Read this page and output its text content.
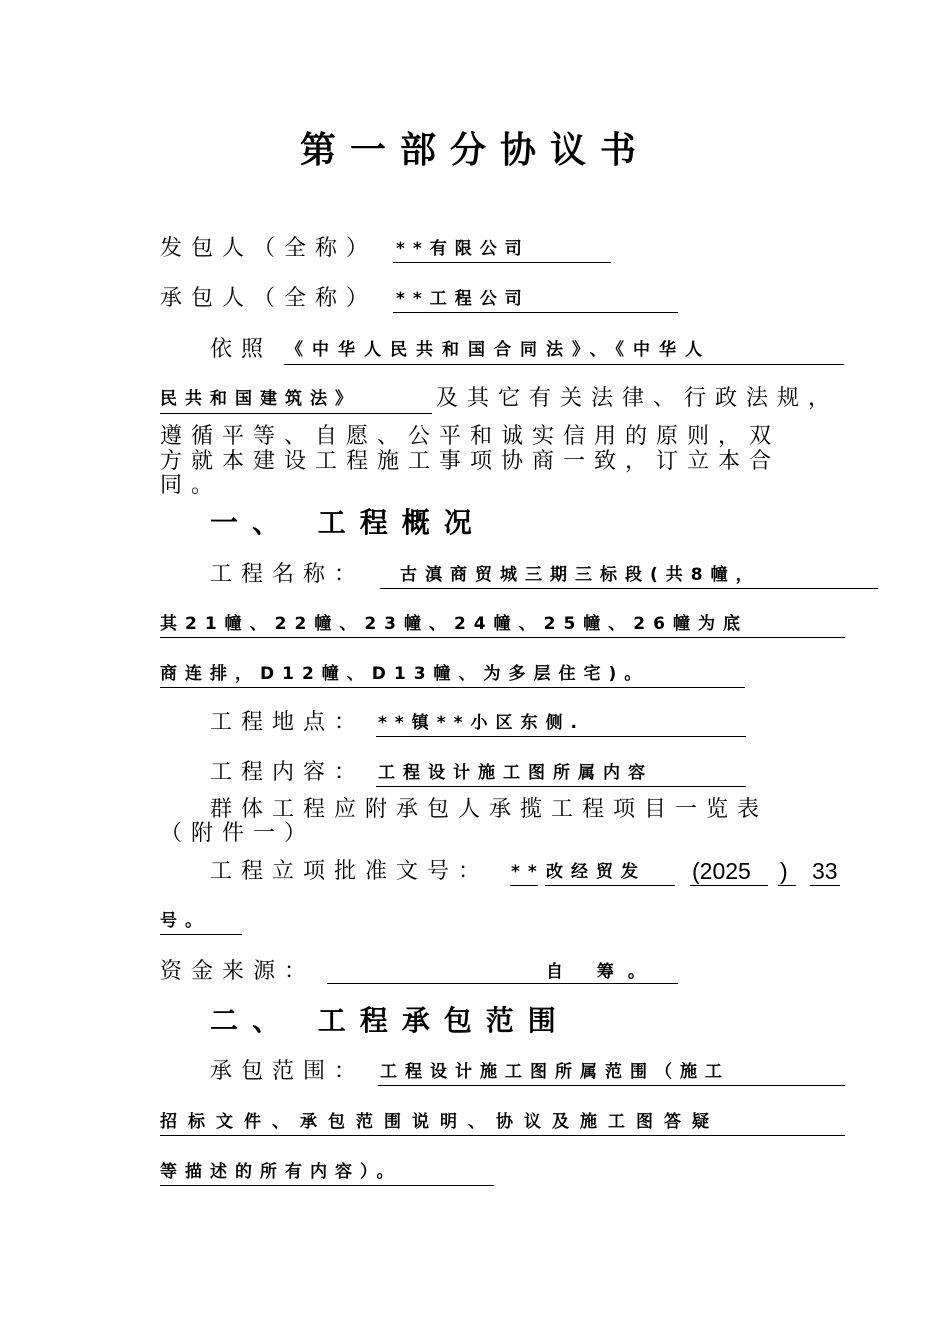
第一部分协议书
发包人（全称） **有限公司
承包人（全称） **工程公司
依照 《中华人民共和国合同法》、《中华人
民共和国建筑法》	及其它有关法律、行政法规，
遵循平等、自愿、公平和诚实信用的原则，双
方就本建设工程施工事项协商一致，订立本合
同。
一、 工程概况
工程名称： 古滇商贸城三期三标段(共8幢，
其21幢、22幢、23幢、24幢、25幢、26幢为底
商连排，D12幢、D13幢、为多层住宅)。
工程地点： **镇**小区东侧.
工程内容： 工程设计施工图所属内容
群体工程应附承包人承揽工程项目一览表
（附件一）
工程立项批准文号： ** 改经贸发 (2025 ) 33
号。
资金来源：	自 筹。
二、 工程承包范围
承包范围： 工程设计施工图所属范围（施工
招标文件、承包范围说明、协议及施工图答疑
等描述的所有内容）。
